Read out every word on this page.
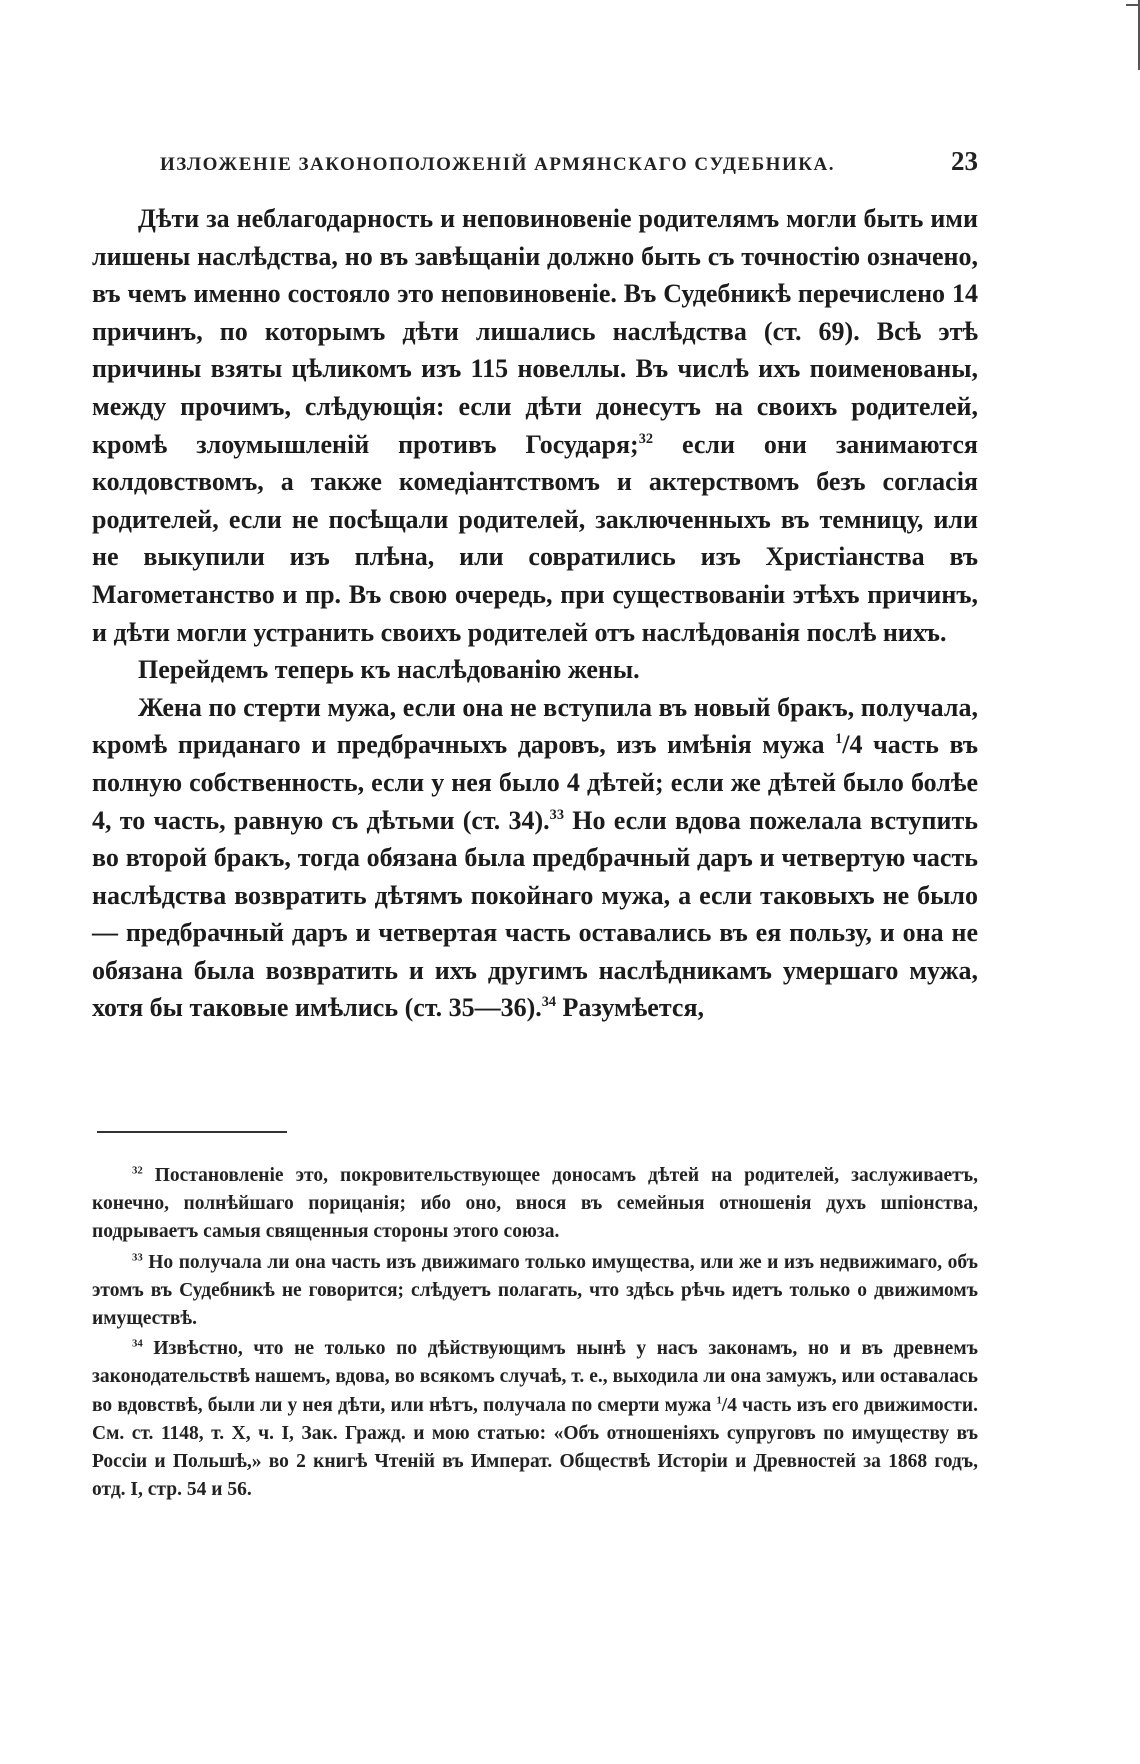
ИЗЛОЖЕНІЕ ЗАКОНОПОЛОЖЕНІЙ АРМЯНСКАГО СУДЕБНИКА.	23

Дѣти за неблагодарность и неповиновеніе родителямъ могли быть ими лишены наслѣдства, но въ завѣщаніи должно быть съ точностію означено, въ чемъ именно состояло это неповиновеніе. Въ Судебникѣ перечислено 14 причинъ, по которымъ дѣти лишались наслѣдства (ст. 69). Всѣ этѣ причины взяты цѣликомъ изъ 115 новеллы. Въ числѣ ихъ поименованы, между прочимъ, слѣдующія: если дѣти донесутъ на своихъ родителей, кромѣ злоумышленій противъ Государя;$^{32}$ если они занимаются колдовствомъ, а также комедіантствомъ и актерствомъ безъ согласія родителей, если не посѣщали родителей, заключенныхъ въ темницу, или не выкупили изъ плѣна, или совратились изъ Христіанства въ Магометанство и пр. Въ свою очередь, при существованіи этѣхъ причинъ, и дѣти могли устранить своихъ родителей отъ наслѣдованія послѣ нихъ.

Перейдемъ теперь къ наслѣдованію жены.

Жена по стерти мужа, если она не вступила въ новый бракъ, получала, кромѣ приданаго и предбрачныхъ даровъ, изъ имѣнія мужа $^1$/4 часть въ полную собственность, если у нея было 4 дѣтей; если же дѣтей было болѣе 4, то часть, равную съ дѣтьми (ст. 34).$^{33}$ Но если вдова пожелала вступить во второй бракъ, тогда обязана была предбрачный даръ и четвертую часть наслѣдства возвратить дѣтямъ покойнаго мужа, а если таковыхъ не было — предбрачный даръ и четвертая часть оставались въ ея пользу, и она не обязана была возвратить и ихъ другимъ наслѣдникамъ умершаго мужа, хотя бы таковые имѣлись (ст. 35—36).$^{34}$ Разумѣется,

$^{32}$ Постановленіе это, покровительствующее доносамъ дѣтей на родителей, заслуживаетъ, конечно, полнѣйшаго порицанія; ибо оно, внося въ семейныя отношенія духъ шпіонства, подрываетъ самыя священныя стороны этого союза.

$^{33}$ Но получала ли она часть изъ движимаго только имущества, или же и изъ недвижимаго, объ этомъ въ Судебникѣ не говорится; слѣдуетъ полагать, что здѣсь рѣчь идетъ только о движимомъ имуществѣ.

$^{34}$ Извѣстно, что не только по дѣйствующимъ нынѣ у насъ законамъ, но и въ древнемъ законодательствѣ нашемъ, вдова, во всякомъ случаѣ, т. е., выходила ли она замужъ, или оставалась во вдовствѣ, были ли у нея дѣти, или нѣтъ, получала по смерти мужа $^1$/4 часть изъ его движимости. См. ст. 1148, т. X, ч. I, Зак. Гражд. и мою статью: «Объ отношеніяхъ супруговъ по имуществу въ Россіи и Польшѣ,» во 2 книгѣ Чтеній въ Императ. Обществѣ Исторіи и Древностей за 1868 годъ, отд. I, стр. 54 и 56.
